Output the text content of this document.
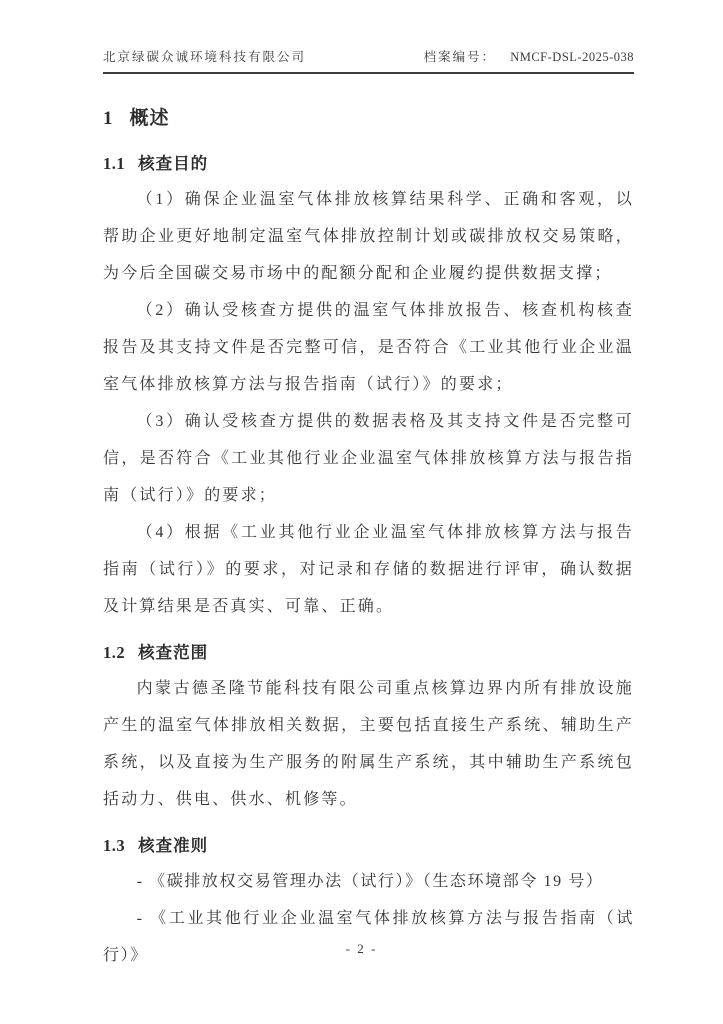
北京绿碳众诚环境科技有限公司	档案编号： NMCF-DSL-2025-038
1 概述
1.1 核查目的

（1）确保企业温室气体排放核算结果科学、正确和客观，以帮助企业更好地制定温室气体排放控制计划或碳排放权交易策略，为今后全国碳交易市场中的配额分配和企业履约提供数据支撑；

（2）确认受核查方提供的温室气体排放报告、核查机构核查报告及其支持文件是否完整可信，是否符合《工业其他行业企业温室气体排放核算方法与报告指南（试行）》的要求；

（3）确认受核查方提供的数据表格及其支持文件是否完整可信，是否符合《工业其他行业企业温室气体排放核算方法与报告指南（试行）》的要求；

（4）根据《工业其他行业企业温室气体排放核算方法与报告指南（试行）》的要求，对记录和存储的数据进行评审，确认数据及计算结果是否真实、可靠、正确。

1.2 核查范围

内蒙古德圣隆节能科技有限公司重点核算边界内所有排放设施产生的温室气体排放相关数据，主要包括直接生产系统、辅助生产系统，以及直接为生产服务的附属生产系统，其中辅助生产系统包括动力、供电、供水、机修等。

1.3 核查准则

- 《碳排放权交易管理办法（试行）》（生态环境部令 19 号）

- 《工业其他行业企业温室气体排放核算方法与报告指南（试行）》	- 2 -
